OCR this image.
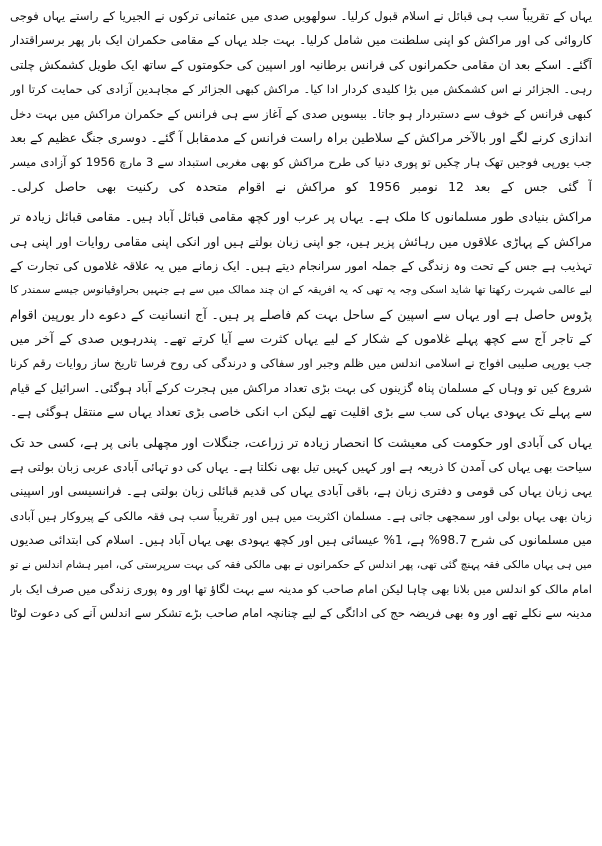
یہاں کے تقریباً سب ہی قبائل نے اسلام قبول کرلیا۔ سولھویں صدی میں عثمانی ترکوں نے الجیریا کے راستے یہاں فوجی
کاروائی کی اور مراکش کو اپنی سلطنت میں شامل کرلیا۔ بہت جلد یہاں کے مقامی حکمران ایک بار پھر برسراقتدار
آگئے۔ اسکے بعد ان مقامی حکمرانوں کی فرانس برطانیہ اور اسپین کی حکومتوں کے ساتھ ایک طویل کشمکش چلتی
رہی۔ الجزائر نے اس کشمکش میں بڑا کلیدی کردار ادا کیا۔ مراکش کبھی الجزائر کے مجاہدین آزادی کی حمایت کرتا اور
کبھی فرانس کے خوف سے دستبردار ہو جاتا۔ بیسویں صدی کے آغاز سے ہی فرانس کے حکمران مراکش میں بہت دخل
اندازی کرنے لگے اور بالآخر مراکش کے سلاطین براہ راست فرانس کے مدمقابل آ گئے۔ دوسری جنگ عظیم کے بعد
جب یورپی فوجیں تھک ہار چکیں تو پوری دنیا کی طرح مراکش کو بھی مغربی استبداد سے 3 مارچ 1956 کو آزادی میسر
آ گئی جس کے بعد 12 نومبر 1956 کو مراکش نے اقوام متحدہ کی رکنیت بھی حاصل کرلی۔
مراکش بنیادی طور مسلمانوں کا ملک ہے۔ یہاں پر عرب اور کچھ مقامی قبائل آباد ہیں۔ مقامی قبائل زیادہ تر
مراکش کے پہاڑی علاقوں میں رہائش پزیر ہیں، جو اپنی زبان بولتے ہیں اور انکی اپنی مقامی روایات اور اپنی ہی
تہذیب ہے جس کے تحت وہ زندگی کے جملہ امور سرانجام دیتے ہیں۔ ایک زمانے میں یہ علاقہ غلاموں کی تجارت کے
لیے عالمی شہرت رکھتا تھا شاید اسکی وجہ یہ تھی کہ یہ افریقہ کے ان چند ممالک میں سے ہے جنہیں بحراوقیانوس جیسے سمندر کا
پڑوس حاصل ہے اور یہاں سے اسپین کے ساحل بہت کم فاصلے پر ہیں۔ آج انسانیت کے دعوے دار یورپین اقوام
کے تاجر آج سے کچھ پہلے غلاموں کے شکار کے لیے یہاں کثرت سے آیا کرتے تھے۔ پندرہویں صدی کے آخر میں
جب یورپی صلیبی افواج نے اسلامی اندلس میں ظلم وجبر اور سفاکی و درندگی کی روح فرسا تاریخ ساز روایات رقم کرنا
شروع کیں تو وہاں کے مسلمان پناہ گزینوں کی بہت بڑی تعداد مراکش میں ہجرت کرکے آباد ہوگئی۔ اسرائیل کے قیام
سے پہلے تک یہودی یہاں کی سب سے بڑی اقلیت تھے لیکن اب انکی خاصی بڑی تعداد یہاں سے منتقل ہوگئی ہے۔
یہاں کی آبادی اور حکومت کی معیشت کا انحصار زیادہ تر زراعت، جنگلات اور مچھلی بانی پر ہے، کسی حد تک
سیاحت بھی یہاں کی آمدن کا ذریعہ ہے اور کہیں کہیں تیل بھی نکلتا ہے۔ یہاں کی دو تہائی آبادی عربی زبان بولتی ہے
یہی زبان یہاں کی قومی و دفتری زبان ہے، باقی آبادی یہاں کی قدیم قبائلی زبان بولتی ہے۔ فرانسیسی اور اسپینی
زبان بھی یہاں بولی اور سمجھی جاتی ہے۔ مسلمان اکثریت میں ہیں اور تقریباً سب ہی فقہ مالکی کے پیروکار ہیں آبادی
میں مسلمانوں کی شرح 98.7% ہے، 1% عیسائی ہیں اور کچھ یہودی بھی یہاں آباد ہیں۔ اسلام کی ابتدائی صدیوں
میں ہی یہاں مالکی فقہ پہنچ گئی تھی، پھر اندلس کے حکمرانوں نے بھی مالکی فقہ کی بہت سرپرستی کی، امیر ہشام اندلس نے تو
امام مالک کو اندلس میں بلانا بھی چاہا لیکن امام صاحب کو مدینہ سے بہت لگاؤ تھا اور وہ پوری زندگی میں صرف ایک بار
مدینہ سے نکلے تھے اور وہ بھی فریضہ حج کی ادائگی کے لیے چنانچہ امام صاحب بڑے تشکر سے اندلس آنے کی دعوت لوٹا
